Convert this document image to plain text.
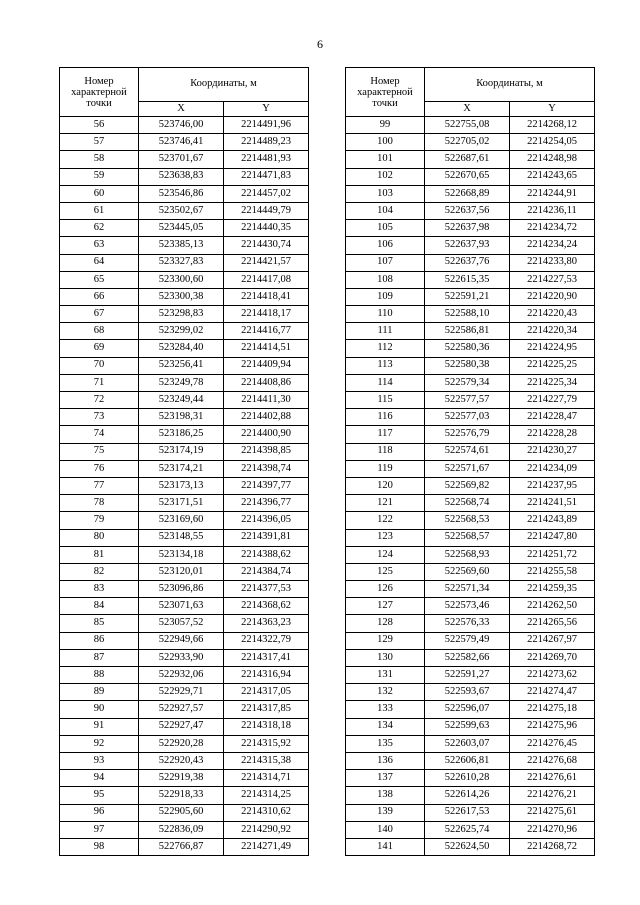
6
Номер характерной точки	Координаты, м	
	X	Y
56	523746,00	2214491,96
57	523746,41	2214489,23
58	523701,67	2214481,93
59	523638,83	2214471,83
60	523546,86	2214457,02
61	523502,67	2214449,79
62	523445,05	2214440,35
63	523385,13	2214430,74
64	523327,83	2214421,57
65	523300,60	2214417,08
66	523300,38	2214418,41
67	523298,83	2214418,17
68	523299,02	2214416,77
69	523284,40	2214414,51
70	523256,41	2214409,94
71	523249,78	2214408,86
72	523249,44	2214411,30
73	523198,31	2214402,88
74	523186,25	2214400,90
75	523174,19	2214398,85
76	523174,21	2214398,74
77	523173,13	2214397,77
78	523171,51	2214396,77
79	523169,60	2214396,05
80	523148,55	2214391,81
81	523134,18	2214388,62
82	523120,01	2214384,74
83	523096,86	2214377,53
84	523071,63	2214368,62
85	523057,52	2214363,23
86	522949,66	2214322,79
87	522933,90	2214317,41
88	522932,06	2214316,94
89	522929,71	2214317,05
90	522927,57	2214317,85
91	522927,47	2214318,18
92	522920,28	2214315,92
93	522920,43	2214315,38
94	522919,38	2214314,71
95	522918,33	2214314,25
96	522905,60	2214310,62
97	522836,09	2214290,92
98	522766,87	2214271,49
Номер характерной точки	Координаты, м	
	X	Y
99	522755,08	2214268,12
100	522705,02	2214254,05
101	522687,61	2214248,98
102	522670,65	2214243,65
103	522668,89	2214244,91
104	522637,56	2214236,11
105	522637,98	2214234,72
106	522637,93	2214234,24
107	522637,76	2214233,80
108	522615,35	2214227,53
109	522591,21	2214220,90
110	522588,10	2214220,43
111	522586,81	2214220,34
112	522580,36	2214224,95
113	522580,38	2214225,25
114	522579,34	2214225,34
115	522577,57	2214227,79
116	522577,03	2214228,47
117	522576,79	2214228,28
118	522574,61	2214230,27
119	522571,67	2214234,09
120	522569,82	2214237,95
121	522568,74	2214241,51
122	522568,53	2214243,89
123	522568,57	2214247,80
124	522568,93	2214251,72
125	522569,60	2214255,58
126	522571,34	2214259,35
127	522573,46	2214262,50
128	522576,33	2214265,56
129	522579,49	2214267,97
130	522582,66	2214269,70
131	522591,27	2214273,62
132	522593,67	2214274,47
133	522596,07	2214275,18
134	522599,63	2214275,96
135	522603,07	2214276,45
136	522606,81	2214276,68
137	522610,28	2214276,61
138	522614,26	2214276,21
139	522617,53	2214275,61
140	522625,74	2214270,96
141	522624,50	2214268,72
